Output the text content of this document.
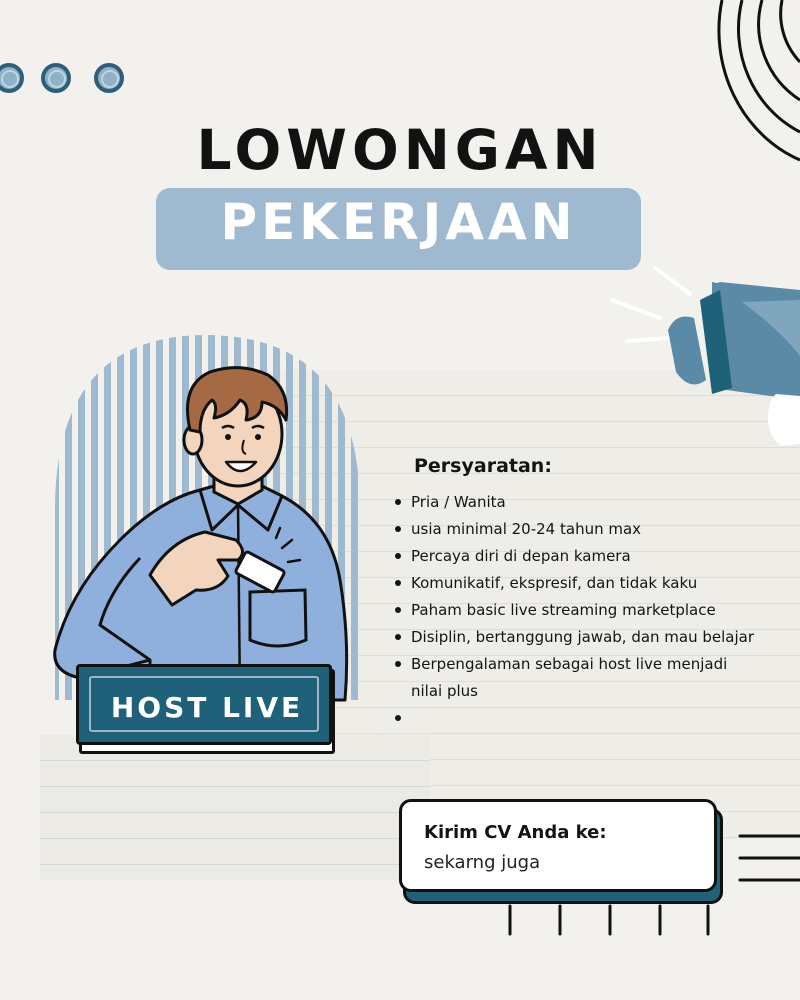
LOWONGAN
PEKERJAAN
Persyaratan:
Pria / Wanita
usia minimal 20-24 tahun max
Percaya diri di depan kamera
Komunikatif, ekspresif, dan tidak kaku
Paham basic live streaming marketplace
Disiplin, bertanggung jawab, dan mau belajar
Berpengalaman sebagai host live menjadi
nilai plus
HOST LIVE
Kirim CV Anda ke:
sekarng juga
